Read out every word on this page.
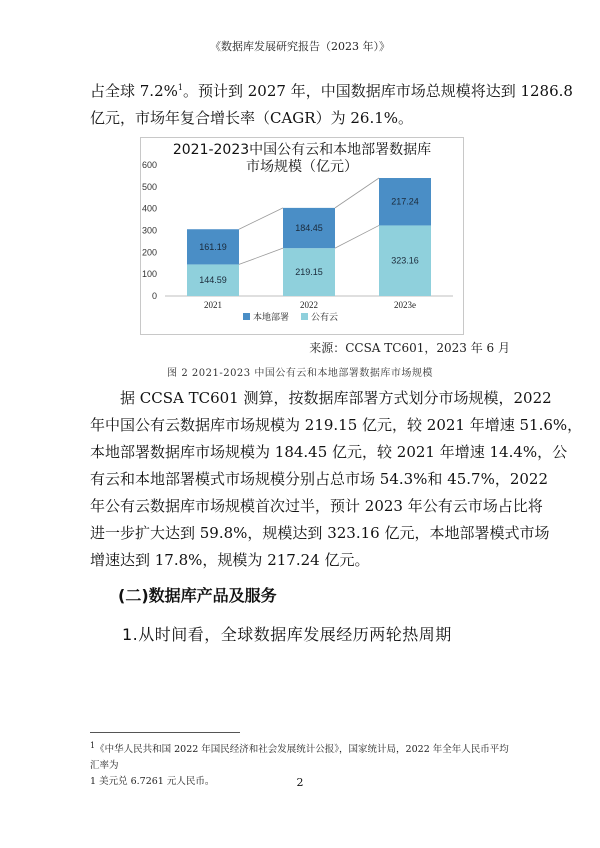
《数据库发展研究报告（2023 年）》

占全球 7.2%$^1$。预计到 2027 年，中国数据库市场总规模将达到 1286.8
亿元，市场年复合增长率（CAGR）为 26.1%。

2021-2023中国公有云和本地部署数据库
市场规模（亿元）
0
100
200
300
400
500
600
144.59
161.19
2021
219.15
184.45
2022
323.16
217.24
2023e
本地部署 公有云
来源：CCSA TC601，2023 年 6 月
图 2 2021-2023 中国公有云和本地部署数据库市场规模

据 CCSA TC601 测算，按数据库部署方式划分市场规模，2022
年中国公有云数据库市场规模为 219.15 亿元，较 2021 年增速 51.6%，
本地部署数据库市场规模为 184.45 亿元，较 2021 年增速 14.4%，公
有云和本地部署模式市场规模分别占总市场 54.3%和 45.7%，2022
年公有云数据库市场规模首次过半，预计 2023 年公有云市场占比将
进一步扩大达到 59.8%，规模达到 323.16 亿元，本地部署模式市场
增速达到 17.8%，规模为 217.24 亿元。

(二)数据库产品及服务
1.从时间看，全球数据库发展经历两轮热周期
$^1$《中华人民共和国 2022 年国民经济和社会发展统计公报》，国家统计局，2022 年全年人民币平均汇率为
1 美元兑 6.7261 元人民币。	2
